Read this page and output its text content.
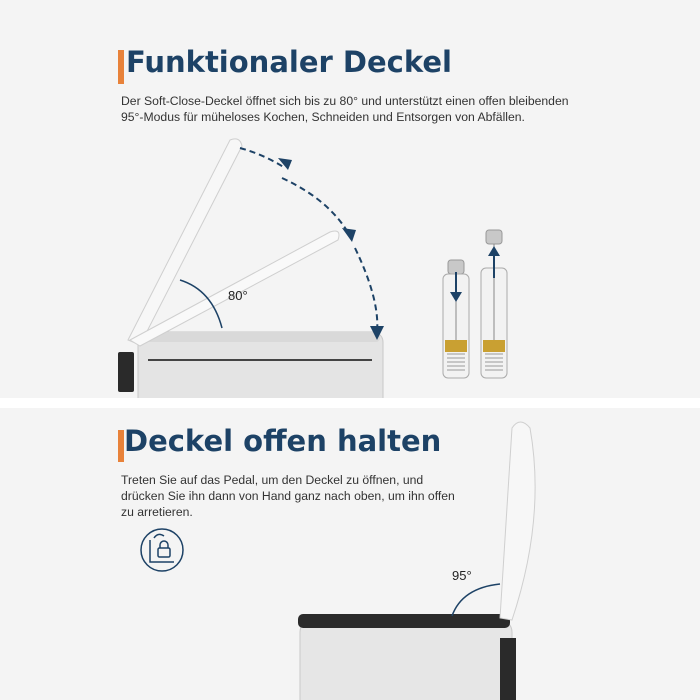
Funktionaler Deckel
Der Soft-Close-Deckel öffnet sich bis zu 80° und unterstützt einen offen bleibenden
95°-Modus für müheloses Kochen, Schneiden und Entsorgen von Abfällen.
80°
Deckel offen halten
Treten Sie auf das Pedal, um den Deckel zu öffnen, und
drücken Sie ihn dann von Hand ganz nach oben, um ihn offen
zu arretieren.
95°
